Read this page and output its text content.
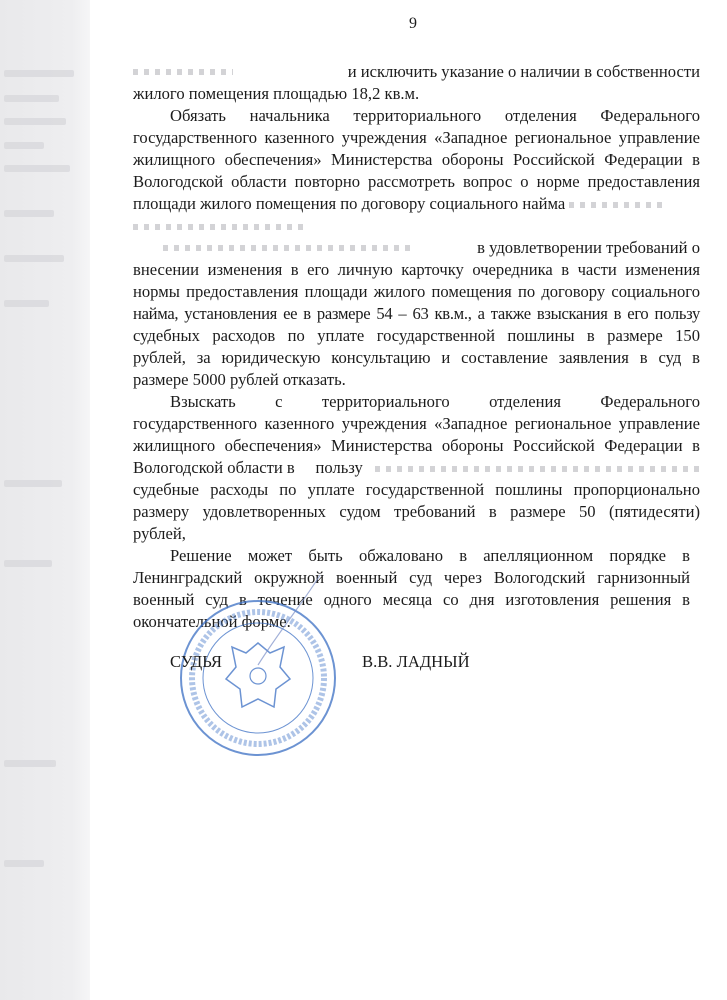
9
и исключить указание о наличии в собственности
жилого помещения площадью 18,2 кв.м.
Обязать начальника территориального отделения Федерального
государственного казенного учреждения «Западное региональное управление
жилищного обеспечения» Министерства обороны Российской Федерации в
Вологодской области повторно рассмотреть вопрос о норме предоставления
площади жилого помещения по договору социального найма
в удовлетворении требований о
внесении изменения в его личную карточку очередника в части изменения
нормы предоставления площади жилого помещения по договору социального
найма, установления ее в размере 54 – 63 кв.м., а также взыскания в его пользу
судебных расходов по уплате государственной пошлины в размере 150
рублей, за юридическую консультацию и составление заявления в суд в
размере 5000 рублей отказать.
Взыскать с территориального отделения Федерального
государственного казенного учреждения «Западное региональное управление
жилищного обеспечения» Министерства обороны Российской Федерации в
Вологодской области в     пользу
судебные расходы по уплате государственной пошлины пропорционально
размеру удовлетворенных судом требований в размере 50 (пятидесяти)
рублей,
Решение может быть обжаловано в апелляционном порядке в
Ленинградский окружной военный суд через Вологодский гарнизонный
военный суд в течение одного месяца со дня изготовления решения в
окончательной форме.
СУДЬЯ	В.В. ЛАДНЫЙ
